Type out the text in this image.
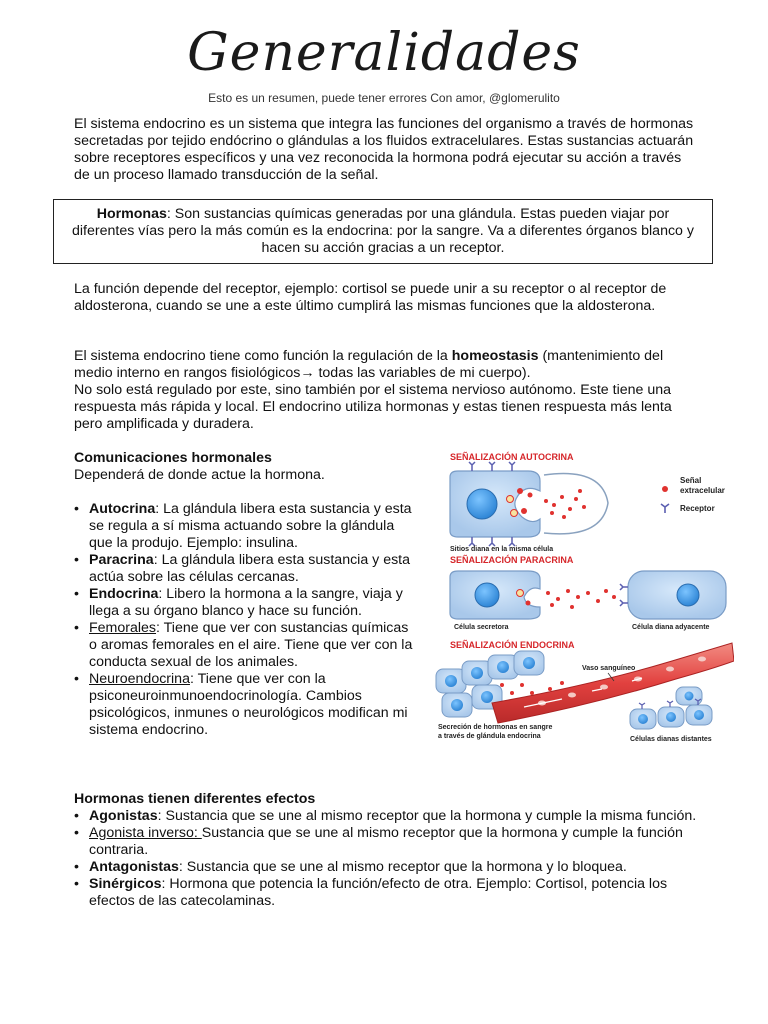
Generalidades
Esto es un resumen, puede tener errores Con amor, @glomerulito

El sistema endocrino es un sistema que integra las funciones del organismo a través de hormonas secretadas por tejido endócrino o glándulas a los fluidos extracelulares. Estas sustancias actuarán sobre receptores específicos y una vez reconocida la hormona podrá ejecutar su acción a través de un proceso llamado transducción de la señal.

Hormonas: Son sustancias químicas generadas por una glándula. Estas pueden viajar por diferentes vías pero la más común es la endocrina: por la sangre. Va a diferentes órganos blanco y hacen su acción gracias a un receptor.

La función depende del receptor, ejemplo: cortisol se puede unir a su receptor o al receptor de aldosterona, cuando se une a este último cumplirá las mismas funciones que la aldosterona.

El sistema endocrino tiene como función la regulación de la homeostasis (mantenimiento del medio interno en rangos fisiológicos→ todas las variables de mi cuerpo).
No solo está regulado por este, sino también por el sistema nervioso autónomo. Este tiene una respuesta más rápida y local. El endocrino utiliza hormonas y estas tienen respuesta más lenta pero amplificada y duradera.

Comunicaciones hormonales

Dependerá de donde actue la hormona.

• Autocrina: La glándula libera esta sustancia y esta se regula a sí misma actuando sobre la glándula que la produjo. Ejemplo: insulina.
• Paracrina: La glándula libera esta sustancia y esta actúa sobre las células cercanas.
• Endocrina: Libero la hormona a la sangre, viaja y llega a su órgano blanco y hace su función.
• Femorales: Tiene que ver con sustancias químicas o aromas femorales en el aire. Tiene que ver con la conducta sexual de los animales.
• Neuroendocrina: Tiene que ver con la psiconeuroinmunoendocrinología. Cambios psicológicos, inmunes o neurológicos modifican mi sistema endocrino.
SEÑALIZACIÓN AUTOCRINA
Sitios diana en la misma célula
Señal
extracelular
Receptor
SEÑALIZACIÓN PARACRINA
Célula secretora	Célula diana adyacente
SEÑALIZACIÓN ENDOCRINA
Vaso sanguíneo
Secreción de hormonas en sangre
a través de glándula endocrina	Células dianas distantes

Hormonas tienen diferentes efectos

• Agonistas: Sustancia que se une al mismo receptor que la hormona y cumple la misma función.
• Agonista inverso: Sustancia que se une al mismo receptor que la hormona y cumple la función contraria.
• Antagonistas: Sustancia que se une al mismo receptor que la hormona y lo bloquea.
• Sinérgicos: Hormona que potencia la función/efecto de otra. Ejemplo: Cortisol, potencia los efectos de las catecolaminas.
